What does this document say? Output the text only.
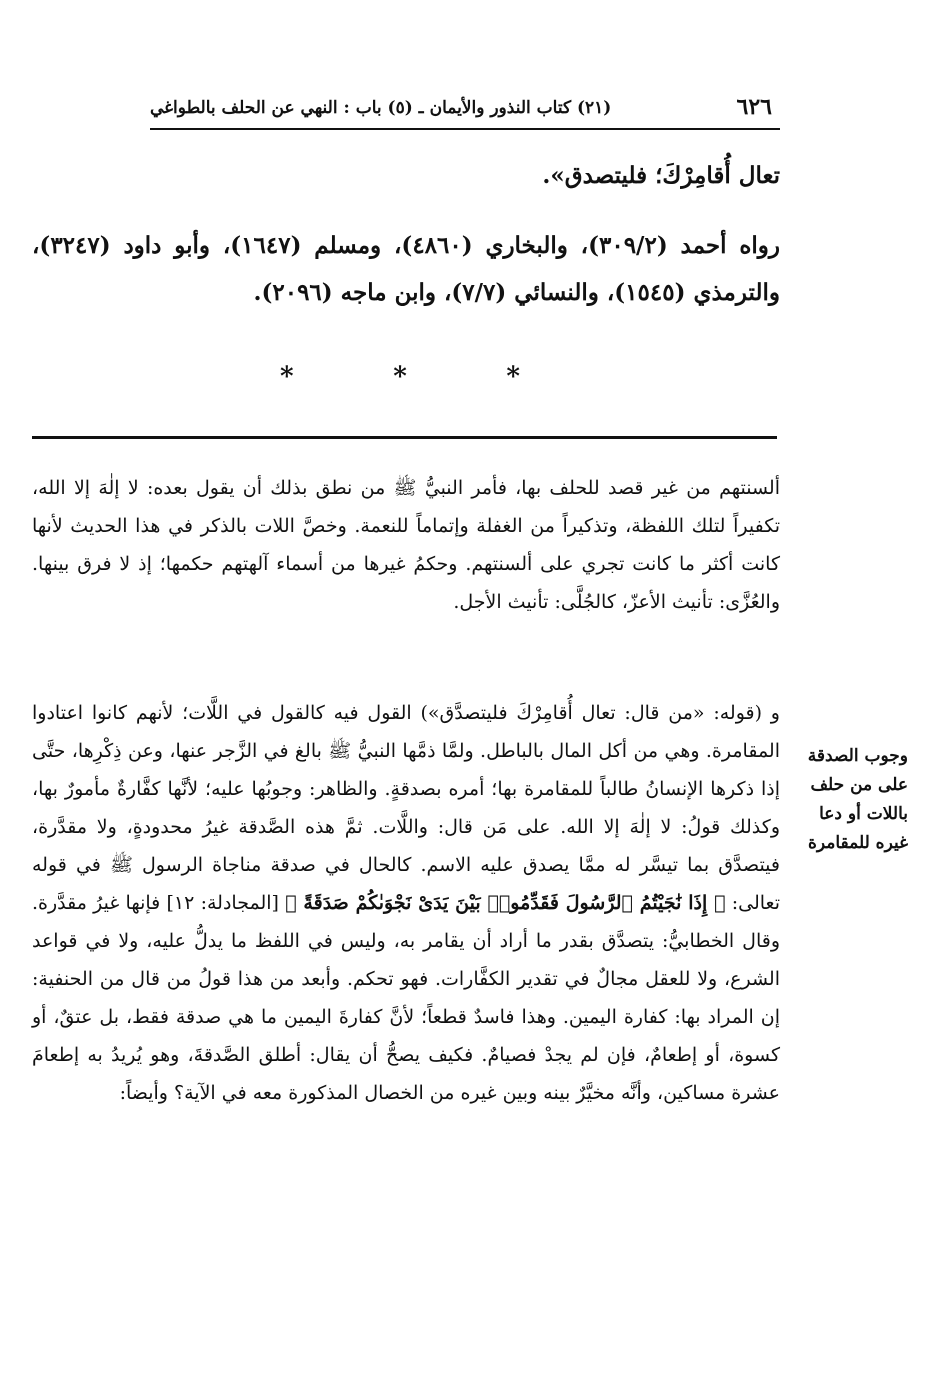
٦٢٦
(٢١) كتاب النذور والأيمان ـ (٥) باب : النهي عن الحلف بالطواغي

تعال أُقامِرْكَ؛ فليتصدق».

رواه أحمد (٣٠٩/٢)، والبخاري (٤٨٦٠)، ومسلم (١٦٤٧)، وأبو داود (٣٢٤٧)، والترمذي (١٥٤٥)، والنسائي (٧/٧)، وابن ماجه (٢٠٩٦).

*	*	*

ألسنتهم من غير قصد للحلف بها، فأمر النبيُّ ﷺ من نطق بذلك أن يقول بعده: لا إلٰهَ إلا الله، تكفيراً لتلك اللفظة، وتذكيراً من الغفلة وإتماماً للنعمة. وخصَّ اللات بالذكر في هذا الحديث لأنها كانت أكثر ما كانت تجري على ألسنتهم. وحكمُ غيرها من أسماء آلهتهم حكمها؛ إذ لا فرق بينها. والعُزَّى: تأنيث الأعزّ، كالجُلَّى: تأنيث الأجل.

و (قوله: «من قال: تعال أُقامِرْكَ فليتصدَّق») القول فيه كالقول في اللَّات؛ لأنهم كانوا اعتادوا المقامرة. وهي من أكل المال بالباطل. ولمَّا ذمَّها النبيُّ ﷺ بالغ في الزَّجر عنها، وعن ذِكْرِها، حتَّى إذا ذكرها الإنسانُ طالباً للمقامرة بها؛ أمره بصدقةٍ. والظاهر: وجوبُها عليه؛ لأنَّها كفَّارةٌ مأمورٌ بها، وكذلك قولُ: لا إلٰهَ إلا الله. على مَن قال: واللَّات. ثمَّ هذه الصَّدقة غيرُ محدودةٍ، ولا مقدَّرة، فيتصدَّق بما تيسَّر له ممَّا يصدق عليه الاسم. كالحال في صدقة مناجاة الرسول ﷺ في قوله تعالى: ﴿ إِذَا نَٰجَيْتُمُ ٱلرَّسُولَ فَقَدِّمُوا۟ بَيْنَ يَدَىْ نَجْوَىٰكُمْ صَدَقَةً ﴾ [المجادلة: ١٢] فإنها غيرُ مقدَّرة. وقال الخطابيُّ: يتصدَّق بقدر ما أراد أن يقامر به، وليس في اللفظ ما يدلُّ عليه، ولا في قواعد الشرع، ولا للعقل مجالٌ في تقدير الكفَّارات. فهو تحكم. وأبعد من هذا قولُ من قال من الحنفية: إن المراد بها: كفارة اليمين. وهذا فاسدٌ قطعاً؛ لأنَّ كفارةَ اليمين ما هي صدقة فقط، بل عتقٌ، أو كسوة، أو إطعامٌ، فإن لم يجدْ فصيامٌ. فكيف يصحُّ أن يقال: أطلق الصَّدقةَ، وهو يُريدُ به إطعامَ عشرة مساكين، وأنَّه مخيَّرٌ بينه وبين غيره من الخصال المذكورة معه في الآية؟ وأيضاً:

وجوب الصدقة
على من حلف
باللات أو دعا
غيره للمقامرة
